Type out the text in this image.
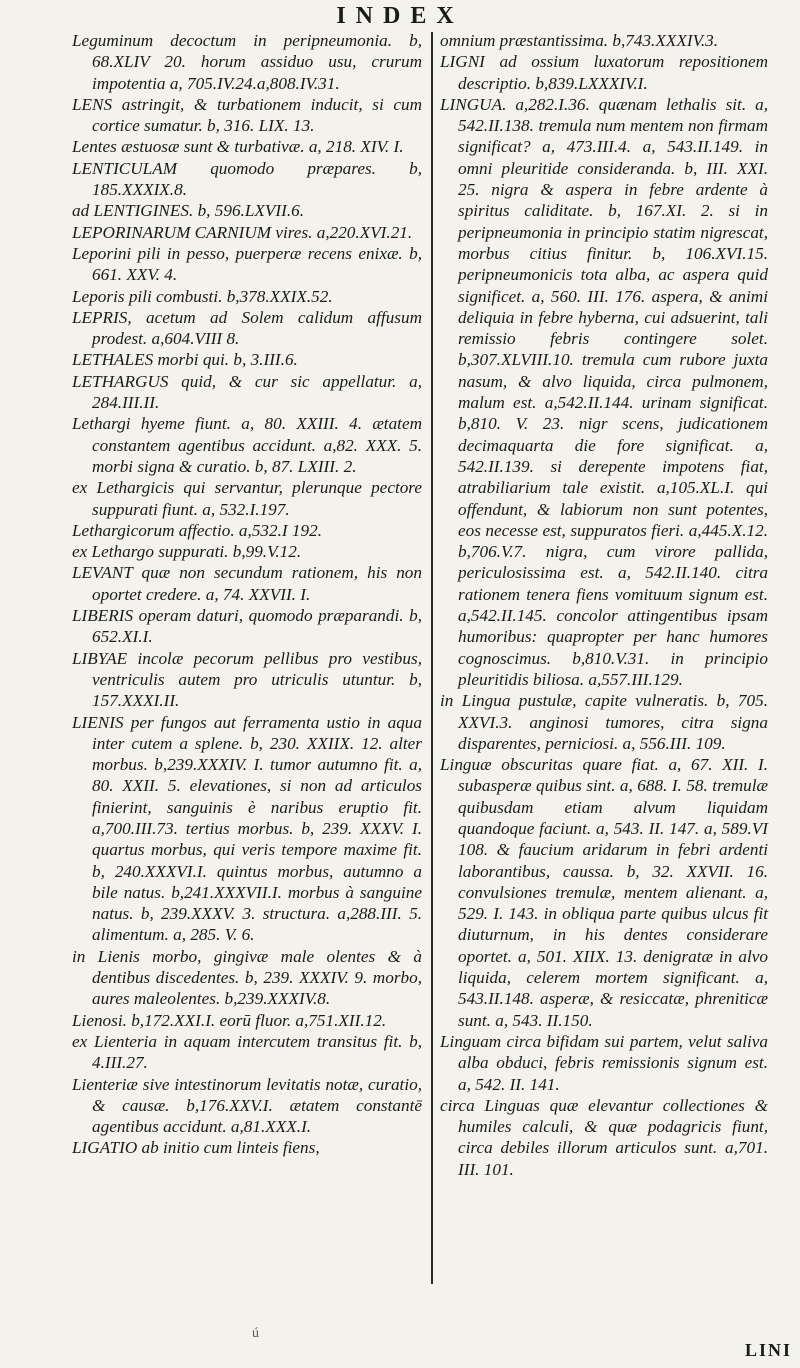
INDEX

Leguminum decoctum in peripneumonia. b, 68.XLIV 20. horum assiduo usu, crurum impotentia a, 705.IV.24.a,808.IV.31.

LENS astringit, & turbationem inducit, si cum cortice sumatur. b, 316. LIX. 13.

Lentes æstuosæ sunt & turbativæ. a, 218. XIV. I.

LENTICULAM quomodo præpares. b, 185.XXXIX.8.

ad LENTIGINES. b, 596.LXVII.6.

LEPORINARUM CARNIUM vires. a,220.XVI.21.

Leporini pili in pesso, puerperæ recens enixæ. b, 661. XXV. 4.

Leporis pili combusti. b,378.XXIX.52.

LEPRIS, acetum ad Solem calidum affusum prodest. a,604.VIII 8.

LETHALES morbi qui. b, 3.III.6.

LETHARGUS quid, & cur sic appellatur. a, 284.III.II.

Lethargi hyeme fiunt. a, 80. XXIII. 4. ætatem constantem agentibus accidunt. a,82. XXX. 5. morbi signa & curatio. b, 87. LXIII. 2.

ex Lethargicis qui servantur, plerunque pectore suppurati fiunt. a, 532.I.197.

Lethargicorum affectio. a,532.I 192.

ex Lethargo suppurati. b,99.V.12.

LEVANT quæ non secundum rationem, his non oportet credere. a, 74. XXVII. I.

LIBERIS operam daturi, quomodo præparandi. b, 652.XI.I.

LIBYAE incolæ pecorum pellibus pro vestibus, ventriculis autem pro utriculis utuntur. b, 157.XXXI.II.

LIENIS per fungos aut ferramenta ustio in aqua inter cutem a splene. b, 230. XXIIX. 12. alter morbus. b,239.XXXIV. I. tumor autumno fit. a, 80. XXII. 5. elevationes, si non ad articulos finierint, sanguinis è naribus eruptio fit. a,700.III.73. tertius morbus. b, 239. XXXV. I. quartus morbus, qui veris tempore maxime fit. b, 240.XXXVI.I. quintus morbus, autumno a bile natus. b,241.XXXVII.I. morbus à sanguine natus. b, 239.XXXV. 3. structura. a,288.III. 5. alimentum. a, 285. V. 6.

in Lienis morbo, gingivæ male olentes & à dentibus discedentes. b, 239. XXXIV. 9. morbo, aures maleolentes. b,239.XXXIV.8.

Lienosi. b,172.XXI.I. eorū fluor. a,751.XII.12.

ex Lienteria in aquam intercutem transitus fit. b, 4.III.27.

Lienteriæ sive intestinorum levitatis notæ, curatio, & causæ. b,176.XXV.I. ætatem constantē agentibus accidunt. a,81.XXX.I.

LIGATIO ab initio cum linteis fiens,

omnium præstantissima. b,743.XXXIV.3.

LIGNI ad ossium luxatorum repositionem descriptio. b,839.LXXXIV.I.

LINGUA. a,282.I.36. quænam lethalis sit. a, 542.II.138. tremula num mentem non firmam significat? a, 473.III.4. a, 543.II.149. in omni pleuritide consideranda. b, III. XXI. 25. nigra & aspera in febre ardente à spiritus caliditate. b, 167.XI. 2. si in peripneumonia in principio statim nigrescat, morbus citius finitur. b, 106.XVI.15. peripneumonicis tota alba, ac aspera quid significet. a, 560. III. 176. aspera, & animi deliquia in febre hyberna, cui adsuerint, tali remissio febris contingere solet. b,307.XLVIII.10. tremula cum rubore juxta nasum, & alvo liquida, circa pulmonem, malum est. a,542.II.144. urinam significat. b,810. V. 23. nigr scens, judicationem decimaquarta die fore significat. a, 542.II.139. si derepente impotens fiat, atrabiliarium tale existit. a,105.XL.I. qui offendunt, & labiorum non sunt potentes, eos necesse est, suppuratos fieri. a,445.X.12. b,706.V.7. nigra, cum virore pallida, periculosissima est. a, 542.II.140. citra rationem tenera fiens vomituum signum est. a,542.II.145. concolor attingentibus ipsam humoribus: quapropter per hanc humores cognoscimus. b,810.V.31. in principio pleuritidis biliosa. a,557.III.129.

in Lingua pustulæ, capite vulneratis. b, 705. XXVI.3. anginosi tumores, citra signa disparentes, perniciosi. a, 556.III. 109.

Linguæ obscuritas quare fiat. a, 67. XII. I. subasperæ quibus sint. a, 688. I. 58. tremulæ quibusdam etiam alvum liquidam quandoque faciunt. a, 543. II. 147. a, 589.VI 108. & faucium aridarum in febri ardenti laborantibus, caussa. b, 32. XXVII. 16. convulsiones tremulæ, mentem alienant. a, 529. I. 143. in obliqua parte quibus ulcus fit diuturnum, in his dentes considerare oportet. a, 501. XIIX. 13. denigratæ in alvo liquida, celerem mortem significant. a, 543.II.148. asperæ, & resiccatæ, phreniticæ sunt. a, 543. II.150.

Linguam circa bifidam sui partem, velut saliva alba obduci, febris remissionis signum est. a, 542. II. 141.

circa Linguas quæ elevantur collectiones & humiles calculi, & quæ podagricis fiunt, circa debiles illorum articulos sunt. a,701. III. 101.

ú
LINI
